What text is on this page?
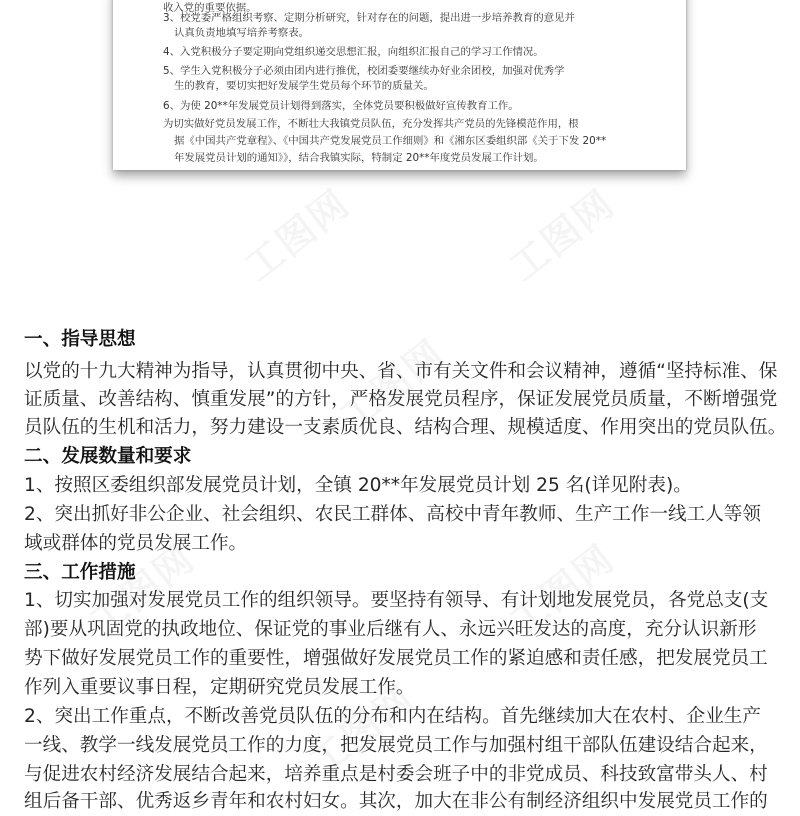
收入党的重要依据。
3、校党委严格组织考察、定期分析研究，针对存在的问题，提出进一步培养教育的意见并
认真负责地填写培养考察表。
4、入党积极分子要定期向党组织递交思想汇报，向组织汇报自己的学习工作情况。
5、学生入党积极分子必须由团内进行推优，校团委要继续办好业余团校，加强对优秀学
生的教育，要切实把好发展学生党员每个环节的质量关。
6、为使 20**年发展党员计划得到落实，全体党员要积极做好宣传教育工作。
为切实做好党员发展工作，不断壮大我镇党员队伍，充分发挥共产党员的先锋模范作用，根
据《中国共产党章程》、《中国共产党发展党员工作细则》和《湘东区委组织部《关于下发 20**
年发展党员计划的通知》》，结合我镇实际，特制定 20**年度党员发展工作计划。
一、指导思想
以党的十九大精神为指导，认真贯彻中央、省、市有关文件和会议精神，遵循“坚持标准、保
证质量、改善结构、慎重发展”的方针，严格发展党员程序，保证发展党员质量，不断增强党
员队伍的生机和活力，努力建设一支素质优良、结构合理、规模适度、作用突出的党员队伍。
二、发展数量和要求
1、按照区委组织部发展党员计划，全镇 20**年发展党员计划 25 名(详见附表)。
2、突出抓好非公企业、社会组织、农民工群体、高校中青年教师、生产工作一线工人等领
域或群体的党员发展工作。
三、工作措施
1、切实加强对发展党员工作的组织领导。要坚持有领导、有计划地发展党员，各党总支(支
部)要从巩固党的执政地位、保证党的事业后继有人、永远兴旺发达的高度，充分认识新形
势下做好发展党员工作的重要性，增强做好发展党员工作的紧迫感和责任感，把发展党员工
作列入重要议事日程，定期研究党员发展工作。
2、突出工作重点，不断改善党员队伍的分布和内在结构。首先继续加大在农村、企业生产
一线、教学一线发展党员工作的力度，把发展党员工作与加强村组干部队伍建设结合起来，
与促进农村经济发展结合起来，培养重点是村委会班子中的非党成员、科技致富带头人、村
组后备干部、优秀返乡青年和农村妇女。其次，加大在非公有制经济组织中发展党员工作的
